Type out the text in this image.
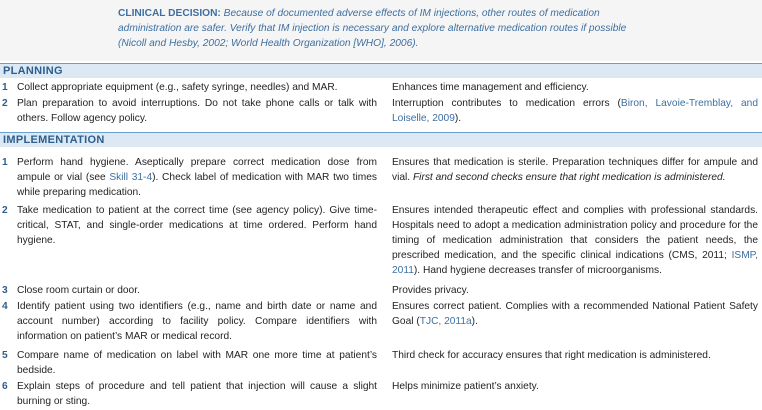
CLINICAL DECISION: Because of documented adverse effects of IM injections, other routes of medication administration are safer. Verify that IM injection is necessary and explore alternative medication routes if possible (Nicoll and Hesby, 2002; World Health Organization [WHO], 2006).
PLANNING
1 Collect appropriate equipment (e.g., safety syringe, needles) and MAR.	Enhances time management and efficiency.
2 Plan preparation to avoid interruptions. Do not take phone calls or talk with others. Follow agency policy.
Interruption contributes to medication errors (Biron, Lavoie-Tremblay, and Loiselle, 2009).
IMPLEMENTATION
1 Perform hand hygiene. Aseptically prepare correct medication dose from ampule or vial (see Skill 31-4). Check label of medication with MAR two times while preparing medication.
Ensures that medication is sterile. Preparation techniques differ for ampule and vial. First and second checks ensure that right medication is administered.
2 Take medication to patient at the correct time (see agency policy). Give time-critical, STAT, and single-order medications at time ordered. Perform hand hygiene.
Ensures intended therapeutic effect and complies with professional standards. Hospitals need to adopt a medication administration policy and procedure for the timing of medication administration that considers the patient needs, the prescribed medication, and the specific clinical indications (CMS, 2011; ISMP, 2011). Hand hygiene decreases transfer of microorganisms.
3 Close room curtain or door.	Provides privacy.
4 Identify patient using two identifiers (e.g., name and birth date or name and account number) according to facility policy. Compare identifiers with information on patient’s MAR or medical record.
Ensures correct patient. Complies with a recommended National Patient Safety Goal (TJC, 2011a).
5 Compare name of medication on label with MAR one more time at patient’s bedside.
Third check for accuracy ensures that right medication is administered.
6 Explain steps of procedure and tell patient that injection will cause a slight burning or sting.
Helps minimize patient’s anxiety.
